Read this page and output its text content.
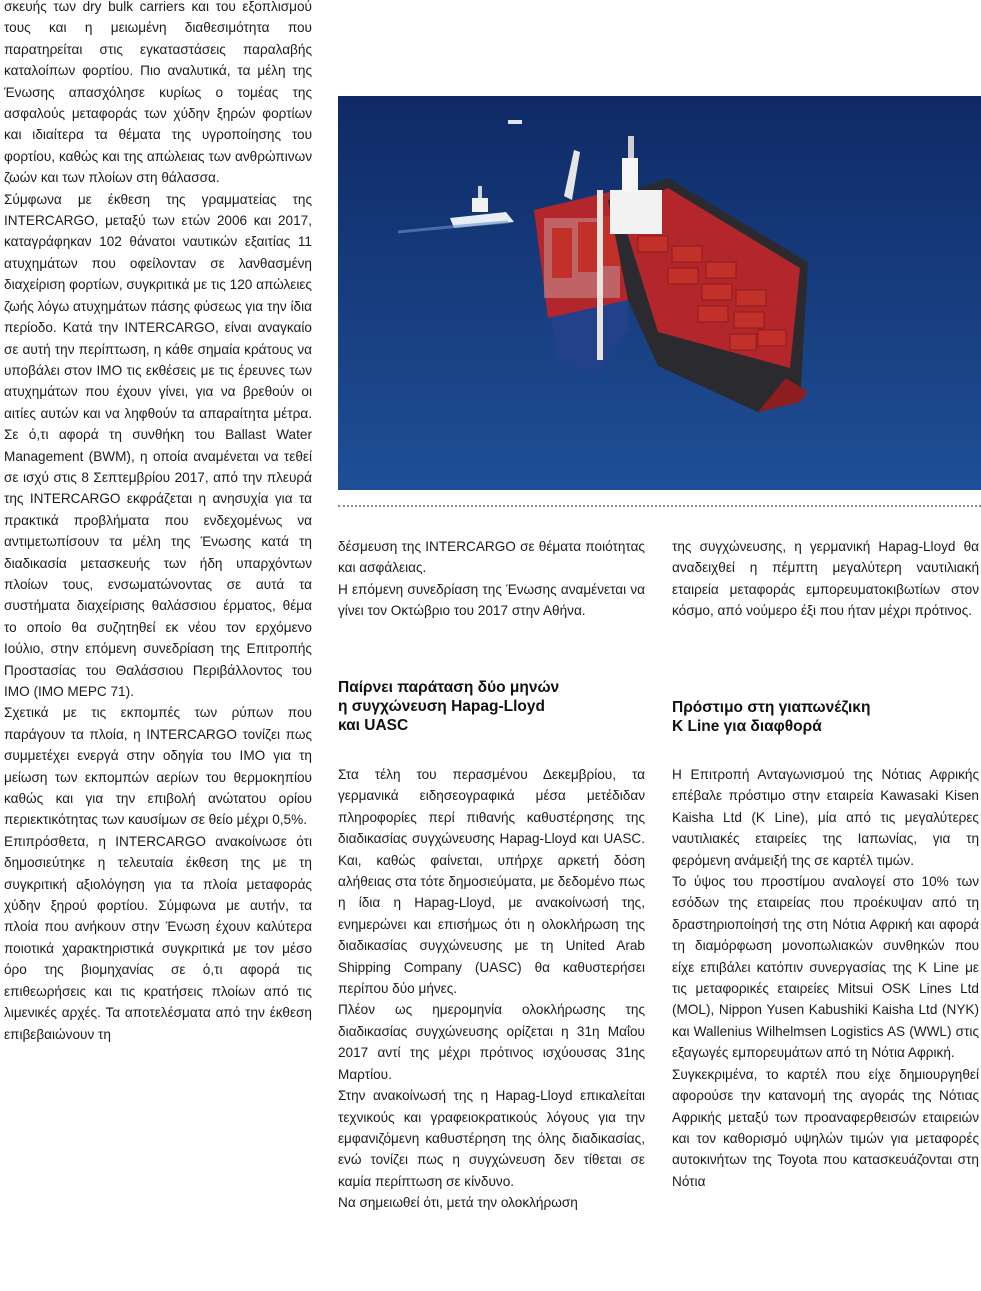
σκευής των dry bulk carriers και του εξοπλισμού τους και η μειωμένη διαθεσιμότητα που παρατηρείται στις εγκαταστάσεις παραλαβής καταλοίπων φορτίου. Πιο αναλυτικά, τα μέλη της Ένωσης απασχόλησε κυρίως ο τομέας της ασφαλούς μεταφοράς των χύδην ξηρών φορτίων και ιδιαίτερα τα θέματα της υγροποίησης του φορτίου, καθώς και της απώλειας των ανθρώπινων ζωών και των πλοίων στη θάλασσα.

Σύμφωνα με έκθεση της γραμματείας της INTERCARGO, μεταξύ των ετών 2006 και 2017, καταγράφηκαν 102 θάνατοι ναυτικών εξαιτίας 11 ατυχημάτων που οφείλονταν σε λανθασμένη διαχείριση φορτίων, συγκριτικά με τις 120 απώλειες ζωής λόγω ατυχημάτων πάσης φύσεως για την ίδια περίοδο. Κατά την INTERCARGO, είναι αναγκαίο σε αυτή την περίπτωση, η κάθε σημαία κράτους να υποβάλει στον IMO τις εκθέσεις με τις έρευνες των ατυχημάτων που έχουν γίνει, για να βρεθούν οι αιτίες αυτών και να ληφθούν τα απαραίτητα μέτρα. Σε ό,τι αφορά τη συνθήκη του Ballast Water Management (BWM), η οποία αναμένεται να τεθεί σε ισχύ στις 8 Σεπτεμβρίου 2017, από την πλευρά της INTERCARGO εκφράζεται η ανησυχία για τα πρακτικά προβλήματα που ενδεχομένως να αντιμετωπίσουν τα μέλη της Ένωσης κατά τη διαδικασία μετασκευής των ήδη υπαρχόντων πλοίων τους, ενσωματώνοντας σε αυτά τα συστήματα διαχείρισης θαλάσσιου έρματος, θέμα το οποίο θα συζητηθεί εκ νέου τον ερχόμενο Ιούλιο, στην επόμενη συνεδρίαση της Επιτροπής Προστασίας του Θαλάσσιου Περιβάλλοντος του IMO (IMO MEPC 71).

Σχετικά με τις εκπομπές των ρύπων που παράγουν τα πλοία, η INTERCARGO τονίζει πως συμμετέχει ενεργά στην οδηγία του IMO για τη μείωση των εκπομπών αερίων του θερμοκηπίου καθώς και για την επιβολή ανώτατου ορίου περιεκτικότητας των καυσίμων σε θείο μέχρι 0,5%.

Επιπρόσθετα, η INTERCARGO ανακοίνωσε ότι δημοσιεύτηκε η τελευταία έκθεση της με τη συγκριτική αξιολόγηση για τα πλοία μεταφοράς χύδην ξηρού φορτίου. Σύμφωνα με αυτήν, τα πλοία που ανήκουν στην Ένωση έχουν καλύτερα ποιοτικά χαρακτηριστικά συγκριτικά με τον μέσο όρο της βιομηχανίας σε ό,τι αφορά τις επιθεωρήσεις και τις κρατήσεις πλοίων από τις λιμενικές αρχές. Τα αποτελέσματα από την έκθεση επιβεβαιώνουν τη

δέσμευση της INTERCARGO σε θέματα ποιότητας και ασφάλειας.

Η επόμενη συνεδρίαση της Ένωσης αναμένεται να γίνει τον Οκτώβριο του 2017 στην Αθήνα.

Παίρνει παράταση δύο μηνών
η συγχώνευση Hapag-Lloyd
και UASC

Στα τέλη του περασμένου Δεκεμβρίου, τα γερμανικά ειδησεογραφικά μέσα μετέδιδαν πληροφορίες περί πιθανής καθυστέρησης της διαδικασίας συγχώνευσης Hapag-Lloyd και UASC. Και, καθώς φαίνεται, υπήρχε αρκετή δόση αλήθειας στα τότε δημοσιεύματα, με δεδομένο πως η ίδια η Hapag-Lloyd, με ανακοίνωσή της, ενημερώνει και επισήμως ότι η ολοκλήρωση της διαδικασίας συγχώνευσης με τη United Arab Shipping Company (UASC) θα καθυστερήσει περίπου δύο μήνες.

Πλέον ως ημερομηνία ολοκλήρωσης της διαδικασίας συγχώνευσης ορίζεται η 31η Μαΐου 2017 αντί της μέχρι πρότινος ισχύουσας 31ης Μαρτίου.

Στην ανακοίνωσή της η Hapag-Lloyd επικαλείται τεχνικούς και γραφειοκρατικούς λόγους για την εμφανιζόμενη καθυστέρηση της όλης διαδικασίας, ενώ τονίζει πως η συγχώνευση δεν τίθεται σε καμία περίπτωση σε κίνδυνο.

Να σημειωθεί ότι, μετά την ολοκλήρωση

της συγχώνευσης, η γερμανική Hapag-Lloyd θα αναδειχθεί η πέμπτη μεγαλύτερη ναυτιλιακή εταιρεία μεταφοράς εμπορευματοκιβωτίων στον κόσμο, από νούμερο έξι που ήταν μέχρι πρότινος.

Πρόστιμο στη γιαπωνέζικη
K Line για διαφθορά

Η Επιτροπή Ανταγωνισμού της Νότιας Αφρικής επέβαλε πρόστιμο στην εταιρεία Kawasaki Kisen Kaisha Ltd (K Line), μία από τις μεγαλύτερες ναυτιλιακές εταιρείες της Ιαπωνίας, για τη φερόμενη ανάμειξή της σε καρτέλ τιμών.

Το ύψος του προστίμου αναλογεί στο 10% των εσόδων της εταιρείας που προέκυψαν από τη δραστηριοποίησή της στη Νότια Αφρική και αφορά τη διαμόρφωση μονοπωλιακών συνθηκών που είχε επιβάλει κατόπιν συνεργασίας της K Line με τις μεταφορικές εταιρείες Mitsui OSK Lines Ltd (MOL), Nippon Yusen Kabushiki Kaisha Ltd (NYK) και Wallenius Wilhelmsen Logistics AS (WWL) στις εξαγωγές εμπορευμάτων από τη Νότια Αφρική.

Συγκεκριμένα, το καρτέλ που είχε δημιουργηθεί αφορούσε την κατανομή της αγοράς της Νότιας Αφρικής μεταξύ των προαναφερθεισών εταιρειών και τον καθορισμό υψηλών τιμών για μεταφορές αυτοκινήτων της Toyota που κατασκευάζονται στη Νότια
